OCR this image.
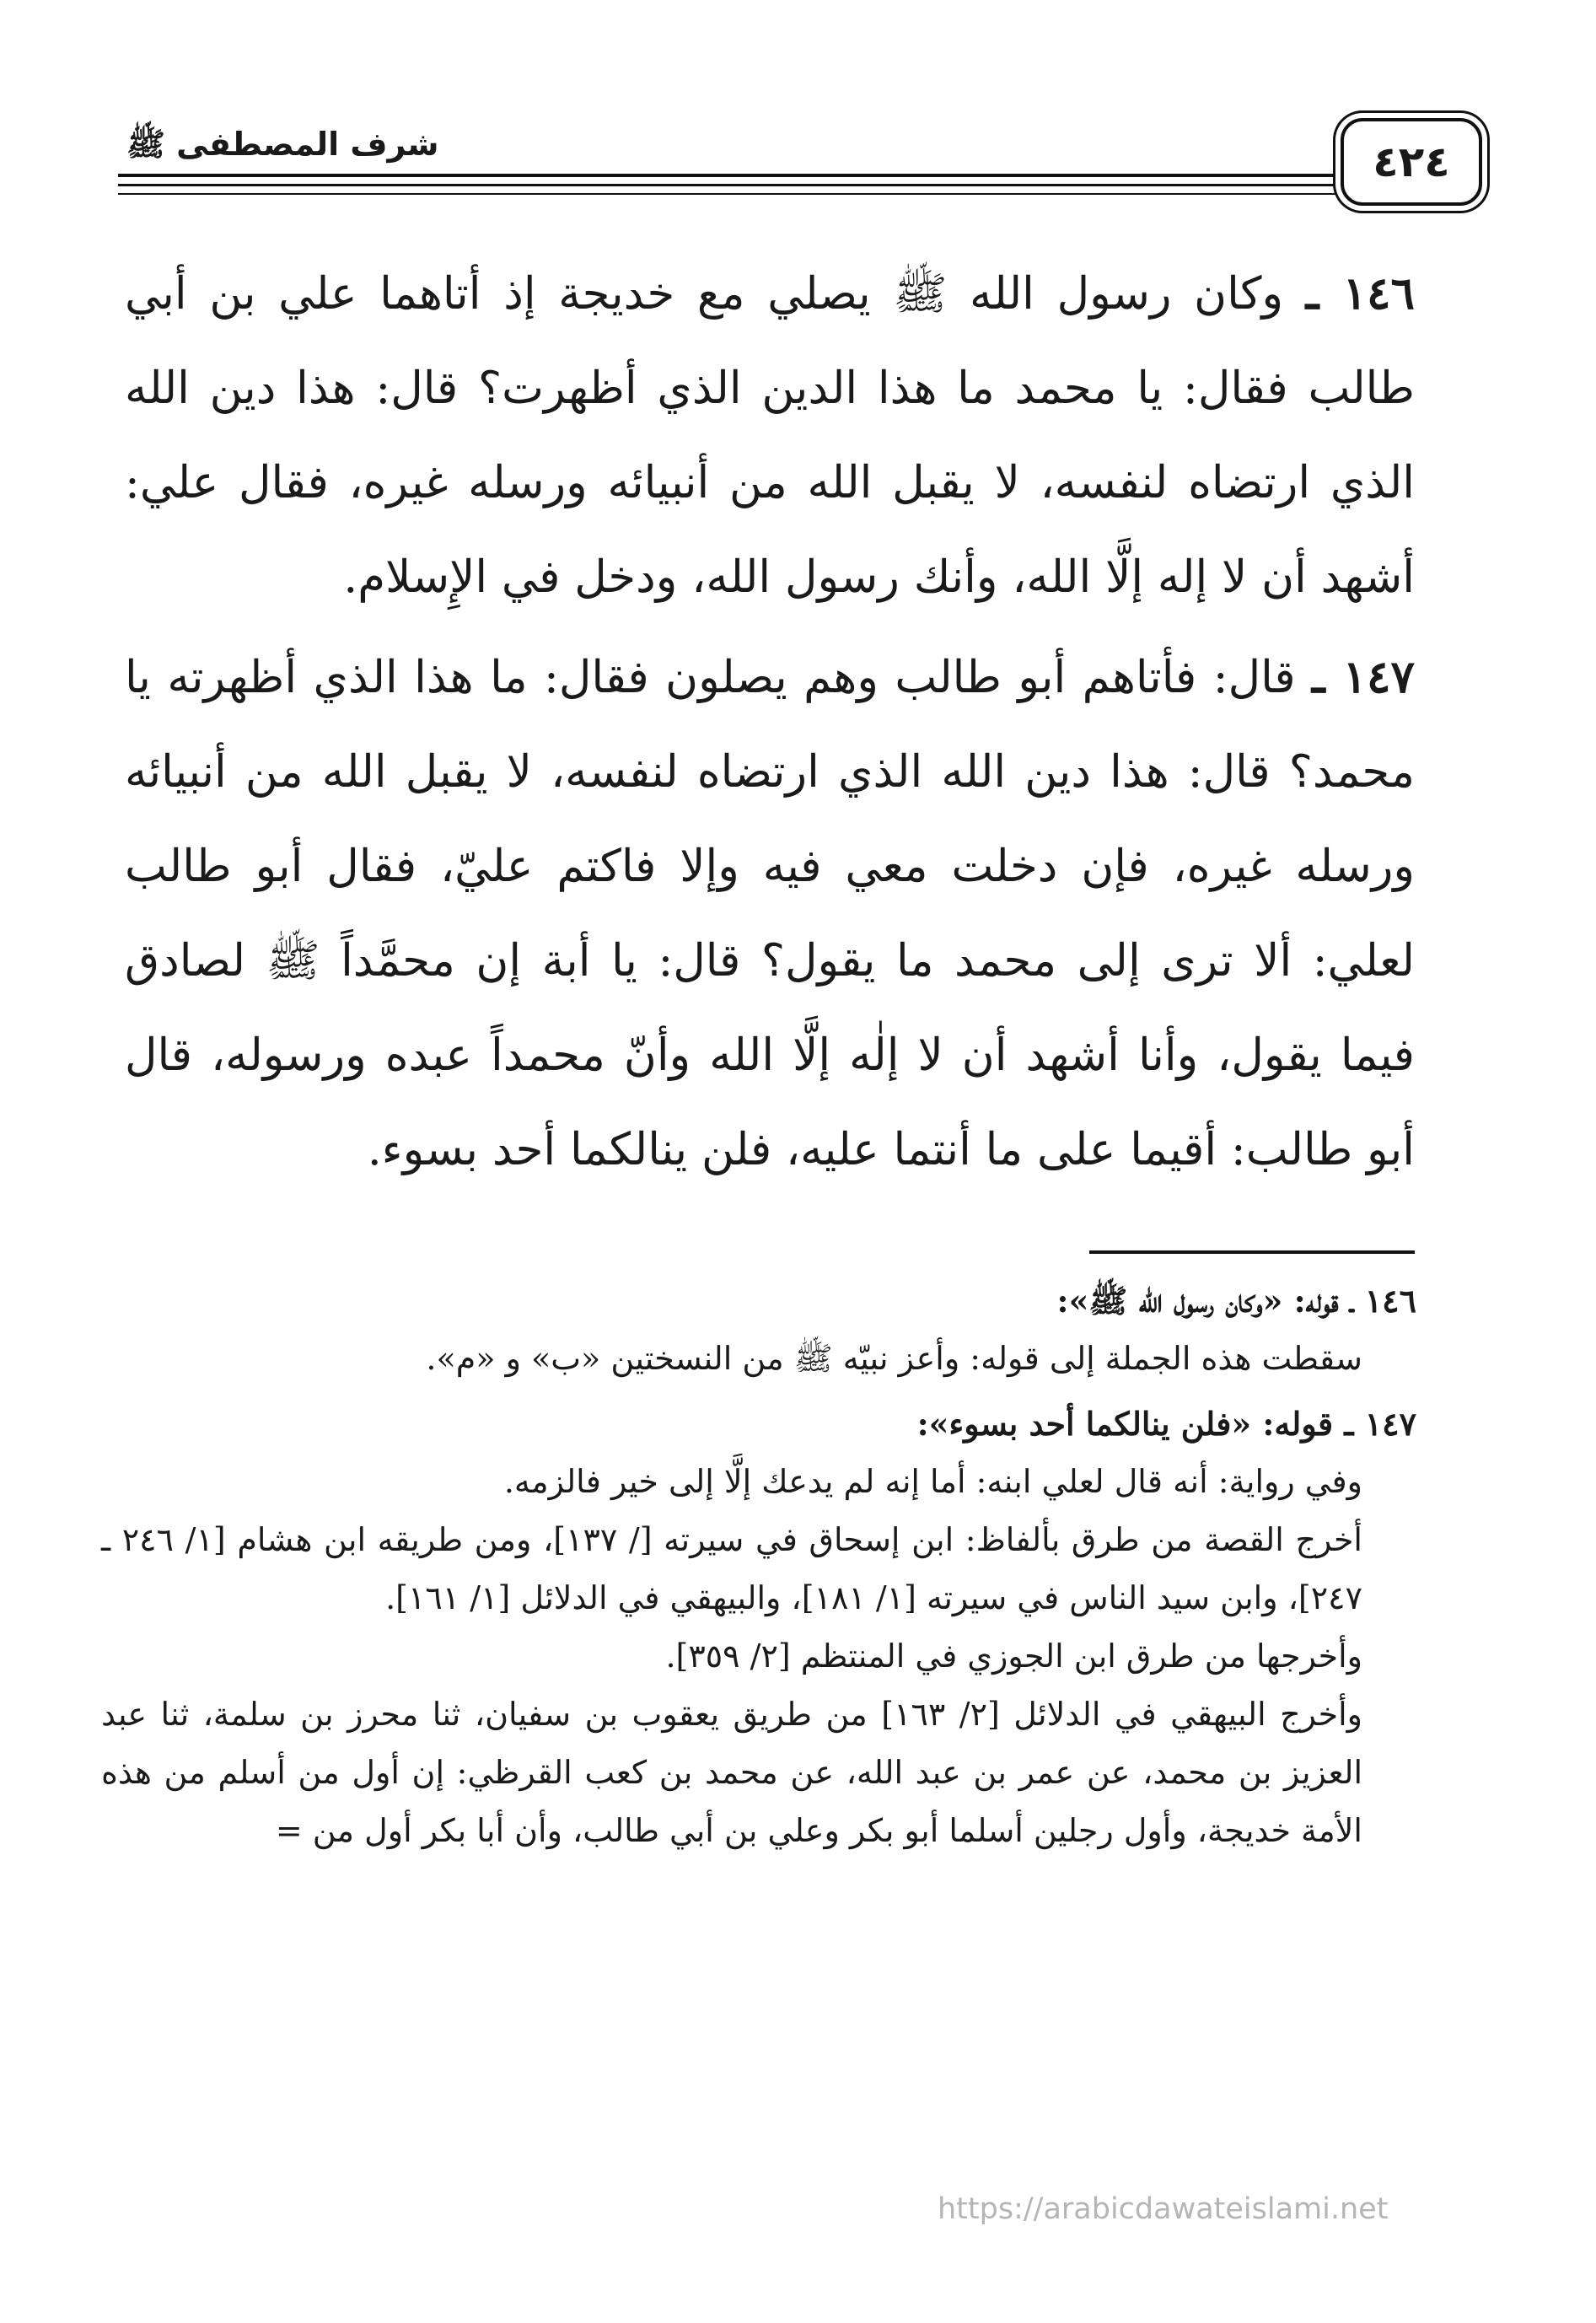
شرف المصطفى ﷺ	٤٢٤

١٤٦ ـ وكان رسول الله ﷺ يصلي مع خديجة إذ أتاهما علي بن أبي طالب فقال: يا محمد ما هذا الدين الذي أظهرت؟ قال: هذا دين الله الذي ارتضاه لنفسه، لا يقبل الله من أنبيائه ورسله غيره، فقال علي: أشهد أن لا إله إلَّا الله، وأنك رسول الله، ودخل في الإِسلام.

١٤٧ ـ قال: فأتاهم أبو طالب وهم يصلون فقال: ما هذا الذي أظهرته يا محمد؟ قال: هذا دين الله الذي ارتضاه لنفسه، لا يقبل الله من أنبيائه ورسله غيره، فإن دخلت معي فيه وإلا فاكتم عليّ، فقال أبو طالب لعلي: ألا ترى إلى محمد ما يقول؟ قال: يا أبة إن محمَّداً ﷺ لصادق فيما يقول، وأنا أشهد أن لا إلٰه إلَّا الله وأنّ محمداً عبده ورسوله، قال أبو طالب: أقيما على ما أنتما عليه، فلن ينالكما أحد بسوء.

١٤٦ ـ قوله: «وكان رسول الله ﷺ»:

سقطت هذه الجملة إلى قوله: وأعز نبيّه ﷺ من النسختين «ب» و «م».

١٤٧ ـ قوله: «فلن ينالكما أحد بسوء»:

وفي رواية: أنه قال لعلي ابنه: أما إنه لم يدعك إلَّا إلى خير فالزمه.

أخرج القصة من طرق بألفاظ: ابن إسحاق في سيرته [/ ١٣٧]، ومن طريقه ابن هشام [١/ ٢٤٦ ـ ٢٤٧]، وابن سيد الناس في سيرته [١/ ١٨١]، والبيهقي في الدلائل [١/ ١٦١].

وأخرجها من طرق ابن الجوزي في المنتظم [٢/ ٣٥٩].

وأخرج البيهقي في الدلائل [٢/ ١٦٣] من طريق يعقوب بن سفيان، ثنا محرز بن سلمة، ثنا عبد العزيز بن محمد، عن عمر بن عبد الله، عن محمد بن كعب القرظي: إن أول من أسلم من هذه الأمة خديجة، وأول رجلين أسلما أبو بكر وعلي بن أبي طالب، وأن أبا بكر أول من =

https://arabicdawateislami.net
